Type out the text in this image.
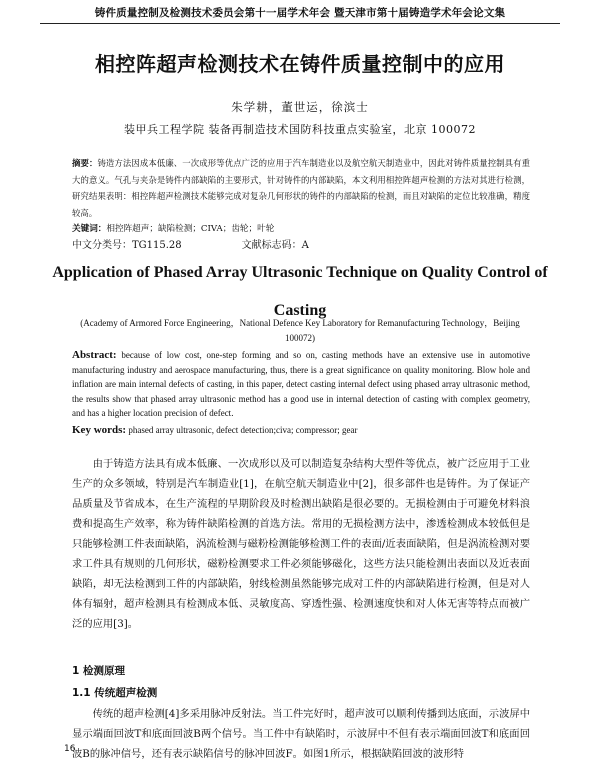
铸件质量控制及检测技术委员会第十一届学术年会 暨天津市第十届铸造学术年会论文集
相控阵超声检测技术在铸件质量控制中的应用
朱学耕，董世运，徐滨士
装甲兵工程学院 装备再制造技术国防科技重点实验室，北京 100072

摘要：铸造方法因成本低廉、一次成形等优点广泛的应用于汽车制造业以及航空航天制造业中，因此对铸件质量控制具有重大的意义。气孔与夹杂是铸件内部缺陷的主要形式，针对铸件的内部缺陷，本文利用相控阵超声检测的方法对其进行检测，研究结果表明：相控阵超声检测技术能够完成对复杂几何形状的铸件的内部缺陷的检测，而且对缺陷的定位比较准确，精度较高。

关键词：相控阵超声；缺陷检测；CIVA；齿轮；叶轮

中文分类号：TG115.28	文献标志码：A

Application of Phased Array Ultrasonic Technique on Quality Control of Casting

(Academy of Armored Force Engineering，National Defence Key Laboratory for Remanufacturing Technology，Beijing 100072)

Abstract: because of low cost, one-step forming and so on, casting methods have an extensive use in automotive manufacturing industry and aerospace manufacturing, thus, there is a great significance on quality monitoring. Blow hole and inflation are main internal defects of casting, in this paper, detect casting internal defect using phased array ultrasonic method, the results show that phased array ultrasonic method has a good use in internal detection of casting with complex geometry, and has a higher location precision of defect.

Key words: phased array ultrasonic, defect detection;civa; compressor; gear

由于铸造方法具有成本低廉、一次成形以及可以制造复杂结构大型件等优点，被广泛应用于工业生产的众多领域，特别是汽车制造业[1]，在航空航天制造业中[2]，很多部件也是铸件。为了保证产品质量及节省成本，在生产流程的早期阶段及时检测出缺陷是很必要的。无损检测由于可避免材料浪费和提高生产效率，称为铸件缺陷检测的首选方法。常用的无损检测方法中，渗透检测成本较低但是只能够检测工件表面缺陷，涡流检测与磁粉检测能够检测工件的表面/近表面缺陷，但是涡流检测对要求工件具有规则的几何形状，磁粉检测要求工件必须能够磁化，这些方法只能检测出表面以及近表面缺陷，却无法检测到工件的内部缺陷，射线检测虽然能够完成对工件的内部缺陷进行检测，但是对人体有辐射，超声检测具有检测成本低、灵敏度高、穿透性强、检测速度快和对人体无害等特点而被广泛的应用[3]。

1 检测原理

1.1 传统超声检测

传统的超声检测[4]多采用脉冲反射法。当工件完好时，超声波可以顺利传播到达底面，示波屏中显示端面回波T和底面回波B两个信号。当工件中有缺陷时，示波屏中不但有表示端面回波T和底面回波B的脉冲信号，还有表示缺陷信号的脉冲回波F。如图1所示，根据缺陷回波的波形特

16
